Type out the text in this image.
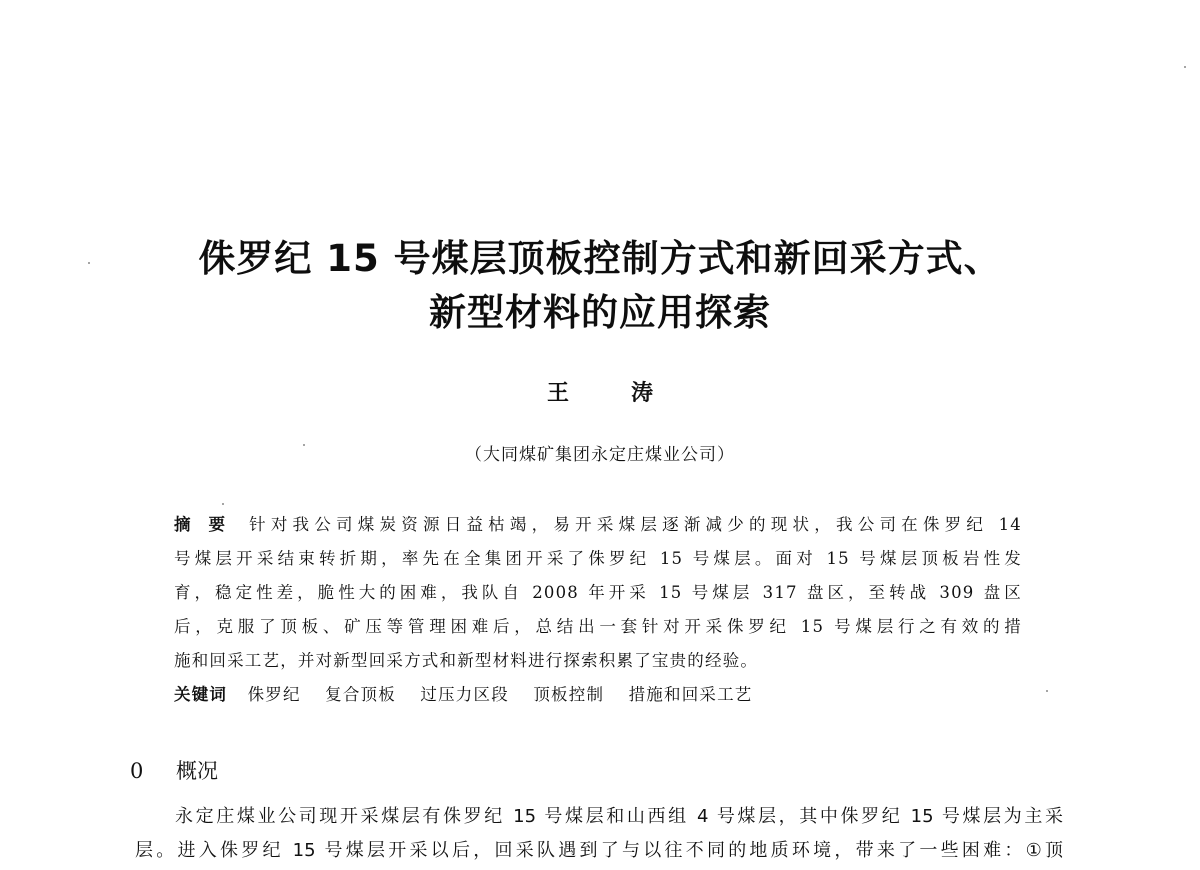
侏罗纪 15 号煤层顶板控制方式和新回采方式、
新型材料的应用探索
王涛
（大同煤矿集团永定庄煤业公司）
摘要 针对我公司煤炭资源日益枯竭，易开采煤层逐渐减少的现状，我公司在侏罗纪 14
号煤层开采结束转折期，率先在全集团开采了侏罗纪 15 号煤层。面对 15 号煤层顶板岩性发
育，稳定性差，脆性大的困难，我队自 2008 年开采 15 号煤层 317 盘区，至转战 309 盘区
后，克服了顶板、矿压等管理困难后，总结出一套针对开采侏罗纪 15 号煤层行之有效的措
施和回采工艺，并对新型回采方式和新型材料进行探索积累了宝贵的经验。
关键词 侏罗纪 复合顶板 过压力区段 顶板控制 措施和回采工艺
0 概况
永定庄煤业公司现开采煤层有侏罗纪 15 号煤层和山西组 4 号煤层，其中侏罗纪 15 号煤层为主采
层。进入侏罗纪 15 号煤层开采以后，回采队遇到了与以往不同的地质环境，带来了一些困难：①顶
